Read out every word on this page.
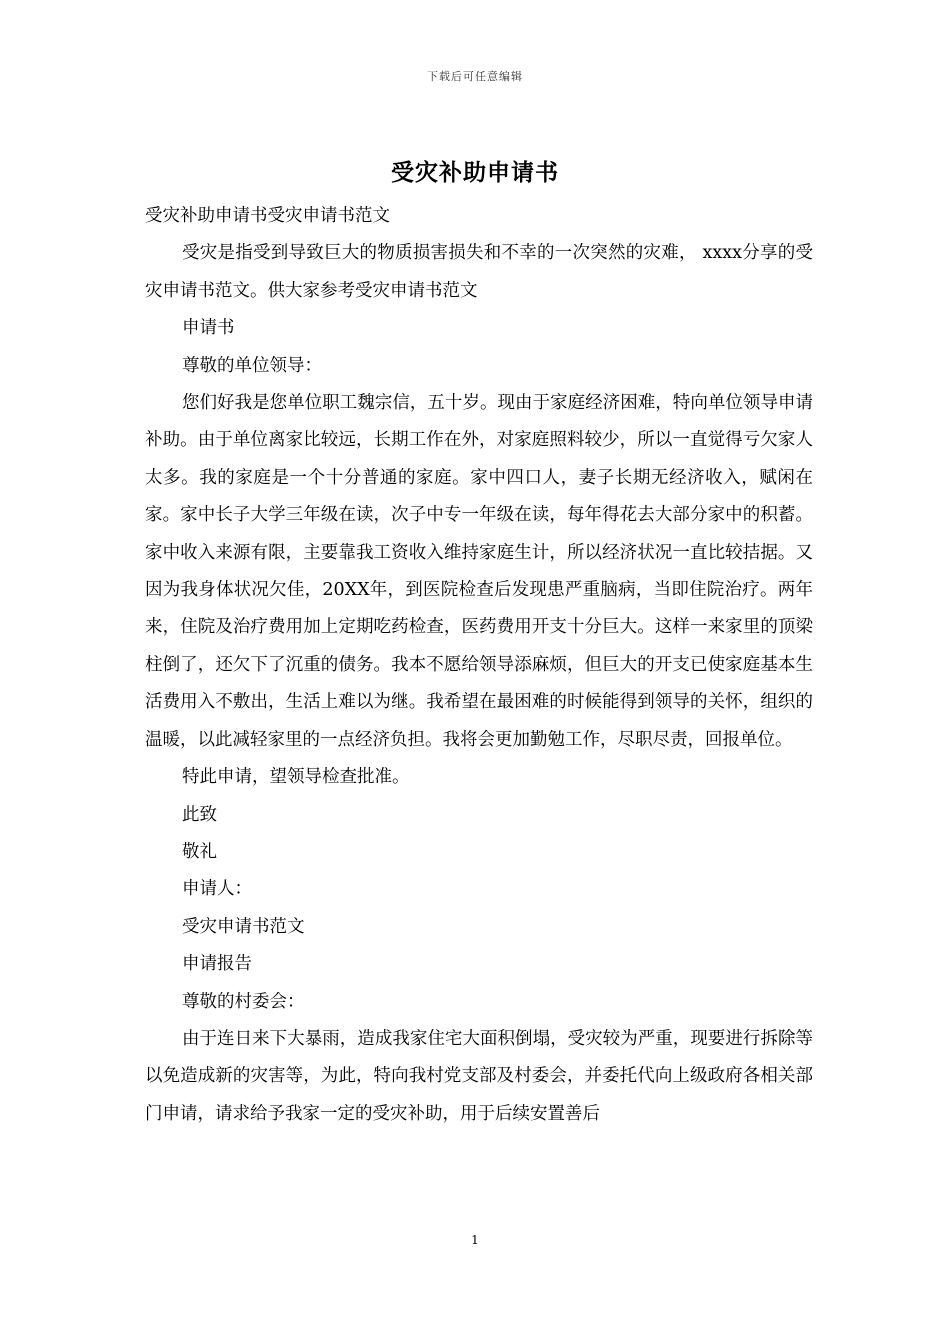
下载后可任意编辑
受灾补助申请书

受灾补助申请书受灾申请书范文

受灾是指受到导致巨大的物质损害损失和不幸的一次突然的灾难， xxxx分享的受灾申请书范文。供大家参考受灾申请书范文

申请书

尊敬的单位领导：

您们好我是您单位职工魏宗信，五十岁。现由于家庭经济困难，特向单位领导申请补助。由于单位离家比较远，长期工作在外，对家庭照料较少，所以一直觉得亏欠家人太多。我的家庭是一个十分普通的家庭。家中四口人，妻子长期无经济收入，赋闲在家。家中长子大学三年级在读，次子中专一年级在读，每年得花去大部分家中的积蓄。家中收入来源有限，主要靠我工资收入维持家庭生计，所以经济状况一直比较拮据。又因为我身体状况欠佳，20XX年，到医院检查后发现患严重脑病，当即住院治疗。两年来，住院及治疗费用加上定期吃药检查，医药费用开支十分巨大。这样一来家里的顶梁柱倒了，还欠下了沉重的债务。我本不愿给领导添麻烦，但巨大的开支已使家庭基本生活费用入不敷出，生活上难以为继。我希望在最困难的时候能得到领导的关怀，组织的温暖，以此减轻家里的一点经济负担。我将会更加勤勉工作，尽职尽责，回报单位。

特此申请，望领导检查批准。

此致

敬礼

申请人：

受灾申请书范文

申请报告

尊敬的村委会：

由于连日来下大暴雨，造成我家住宅大面积倒塌，受灾较为严重，现要进行拆除等以免造成新的灾害等，为此，特向我村党支部及村委会，并委托代向上级政府各相关部门申请，请求给予我家一定的受灾补助，用于后续安置善后

1
